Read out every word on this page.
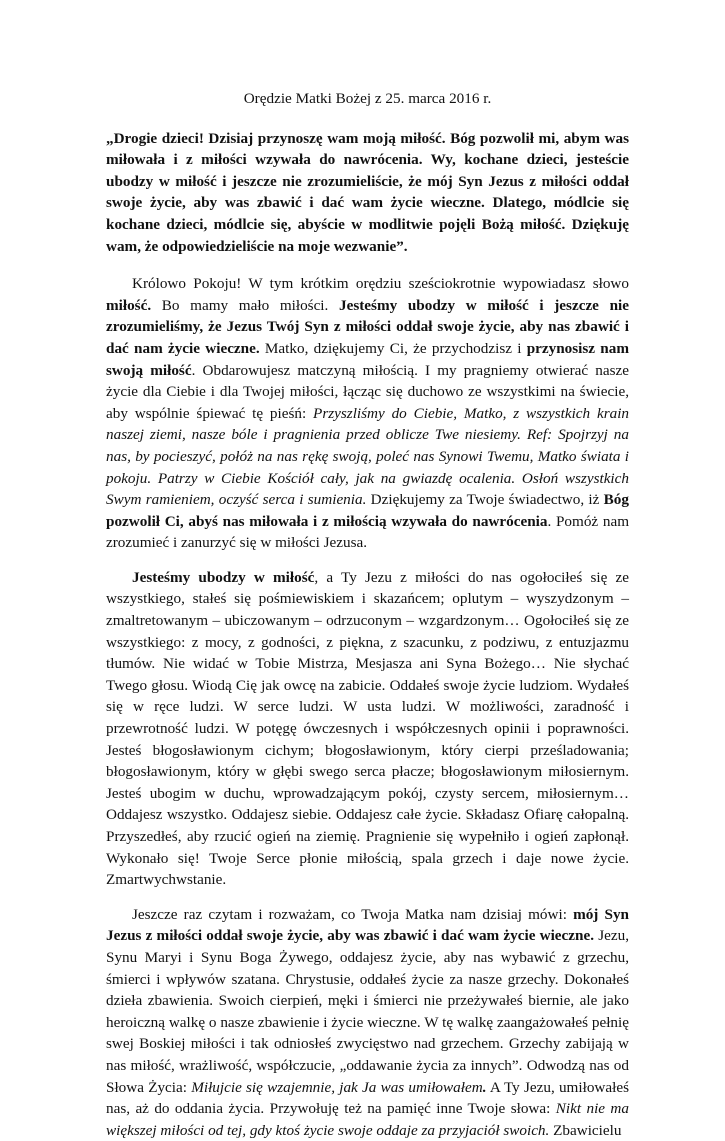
Orędzie Matki Bożej z 25. marca 2016 r.

„Drogie dzieci! Dzisiaj przynoszę wam moją miłość. Bóg pozwolił mi, abym was miłowała i z miłości wzywała do nawrócenia. Wy, kochane dzieci, jesteście ubodzy w miłość i jeszcze nie zrozumieliście, że mój Syn Jezus z miłości oddał swoje życie, aby was zbawić i dać wam życie wieczne. Dlatego, módlcie się kochane dzieci, módlcie się, abyście w modlitwie pojęli Bożą miłość. Dziękuję wam, że odpowiedzieliście na moje wezwanie”.

Królowo Pokoju! W tym krótkim orędziu sześciokrotnie wypowiadasz słowo miłość. Bo mamy mało miłości. Jesteśmy ubodzy w miłość i jeszcze nie zrozumieliśmy, że Jezus Twój Syn z miłości oddał swoje życie, aby nas zbawić i dać nam życie wieczne. Matko, dziękujemy Ci, że przychodzisz i przynosisz nam swoją miłość. Obdarowujesz matczyną miłością. I my pragniemy otwierać nasze życie dla Ciebie i dla Twojej miłości, łącząc się duchowo ze wszystkimi na świecie, aby wspólnie śpiewać tę pieśń: Przyszliśmy do Ciebie, Matko, z wszystkich krain naszej ziemi, nasze bóle i pragnienia przed oblicze Twe niesiemy. Ref: Spojrzyj na nas, by pocieszyć, połóż na nas rękę swoją, poleć nas Synowi Twemu, Matko świata i pokoju. Patrzy w Ciebie Kościół cały, jak na gwiazdę ocalenia. Osłoń wszystkich Swym ramieniem, oczyść serca i sumienia. Dziękujemy za Twoje świadectwo, iż Bóg pozwolił Ci, abyś nas miłowała i z miłością wzywała do nawrócenia. Pomóż nam zrozumieć i zanurzyć się w miłości Jezusa.

Jesteśmy ubodzy w miłość, a Ty Jezu z miłości do nas ogołociłeś się ze wszystkiego, stałeś się pośmiewiskiem i skazańcem; oplutym – wyszydzonym – zmaltretowanym – ubiczowanym – odrzuconym – wzgardzonym… Ogołociłeś się ze wszystkiego: z mocy, z godności, z piękna, z szacunku, z podziwu, z entuzjazmu tłumów. Nie widać w Tobie Mistrza, Mesjasza ani Syna Bożego… Nie słychać Twego głosu. Wiodą Cię jak owcę na zabicie. Oddałeś swoje życie ludziom. Wydałeś się w ręce ludzi. W serce ludzi. W usta ludzi. W możliwości, zaradność i przewrotność ludzi. W potęgę ówczesnych i współczesnych opinii i poprawności. Jesteś błogosławionym cichym; błogosławionym, który cierpi prześladowania; błogosławionym, który w głębi swego serca płacze; błogosławionym miłosiernym. Jesteś ubogim w duchu, wprowadzającym pokój, czysty sercem, miłosiernym… Oddajesz wszystko. Oddajesz siebie. Oddajesz całe życie. Składasz Ofiarę całopalną. Przyszedłeś, aby rzucić ogień na ziemię. Pragnienie się wypełniło i ogień zapłonął. Wykonało się! Twoje Serce płonie miłością, spala grzech i daje nowe życie. Zmartwychwstanie.

Jeszcze raz czytam i rozważam, co Twoja Matka nam dzisiaj mówi: mój Syn Jezus z miłości oddał swoje życie, aby was zbawić i dać wam życie wieczne. Jezu, Synu Maryi i Synu Boga Żywego, oddajesz życie, aby nas wybawić z grzechu, śmierci i wpływów szatana. Chrystusie, oddałeś życie za nasze grzechy. Dokonałeś dzieła zbawienia. Swoich cierpień, męki i śmierci nie przeżywałeś biernie, ale jako heroiczną walkę o nasze zbawienie i życie wieczne. W tę walkę zaangażowałeś pełnię swej Boskiej miłości i tak odniosłeś zwycięstwo nad grzechem. Grzechy zabijają w nas miłość, wrażliwość, współczucie, „oddawanie życia za innych”. Odwodzą nas od Słowa Życia: Miłujcie się wzajemnie, jak Ja was umiłowałem. A Ty Jezu, umiłowałeś nas, aż do oddania życia. Przywołuję też na pamięć inne Twoje słowa: Nikt nie ma większej miłości od tej, gdy ktoś życie swoje oddaje za przyjaciół swoich. Zbawicielu
